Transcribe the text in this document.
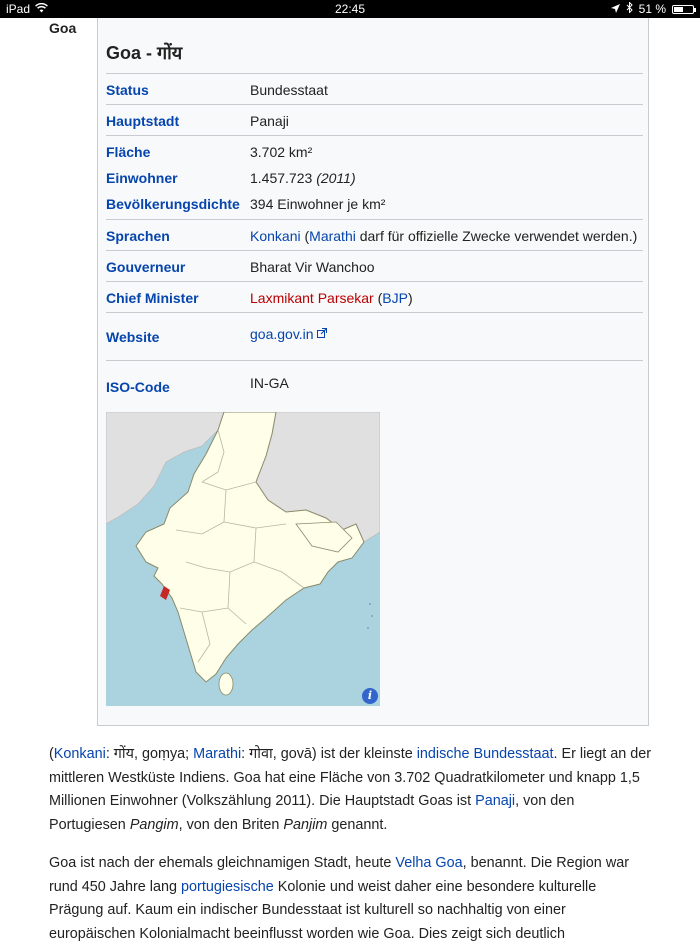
iPad	22:45	51 %
Goa
Goa - गोंय
Status	Bundesstaat
Hauptstadt	Panaji
Fläche	3.702 km²
Einwohner	1.457.723 (2011)
Bevölkerungsdichte 394 Einwohner je km²
Sprachen	Konkani (Marathi darf für offizielle Zwecke verwendet werden.)
Gouverneur	Bharat Vir Wanchoo
Chief Minister	Laxmikant Parsekar (BJP)
Website	goa.gov.in
ISO-Code	IN-GA
i
(Konkani: गोंय, goṃya; Marathi: गोवा, govā) ist der kleinste indische Bundesstaat. Er liegt an der mittleren Westküste Indiens. Goa hat eine Fläche von 3.702 Quadratkilometer und knapp 1,5 Millionen Einwohner (Volkszählung 2011). Die Hauptstadt Goas ist Panaji, von den Portugiesen Pangim, von den Briten Panjim genannt.
Goa ist nach der ehemals gleichnamigen Stadt, heute Velha Goa, benannt. Die Region war rund 450 Jahre lang portugiesische Kolonie und weist daher eine besondere kulturelle Prägung auf. Kaum ein indischer Bundesstaat ist kulturell so nachhaltig von einer europäischen Kolonialmacht beeinflusst worden wie Goa. Dies zeigt sich deutlich
